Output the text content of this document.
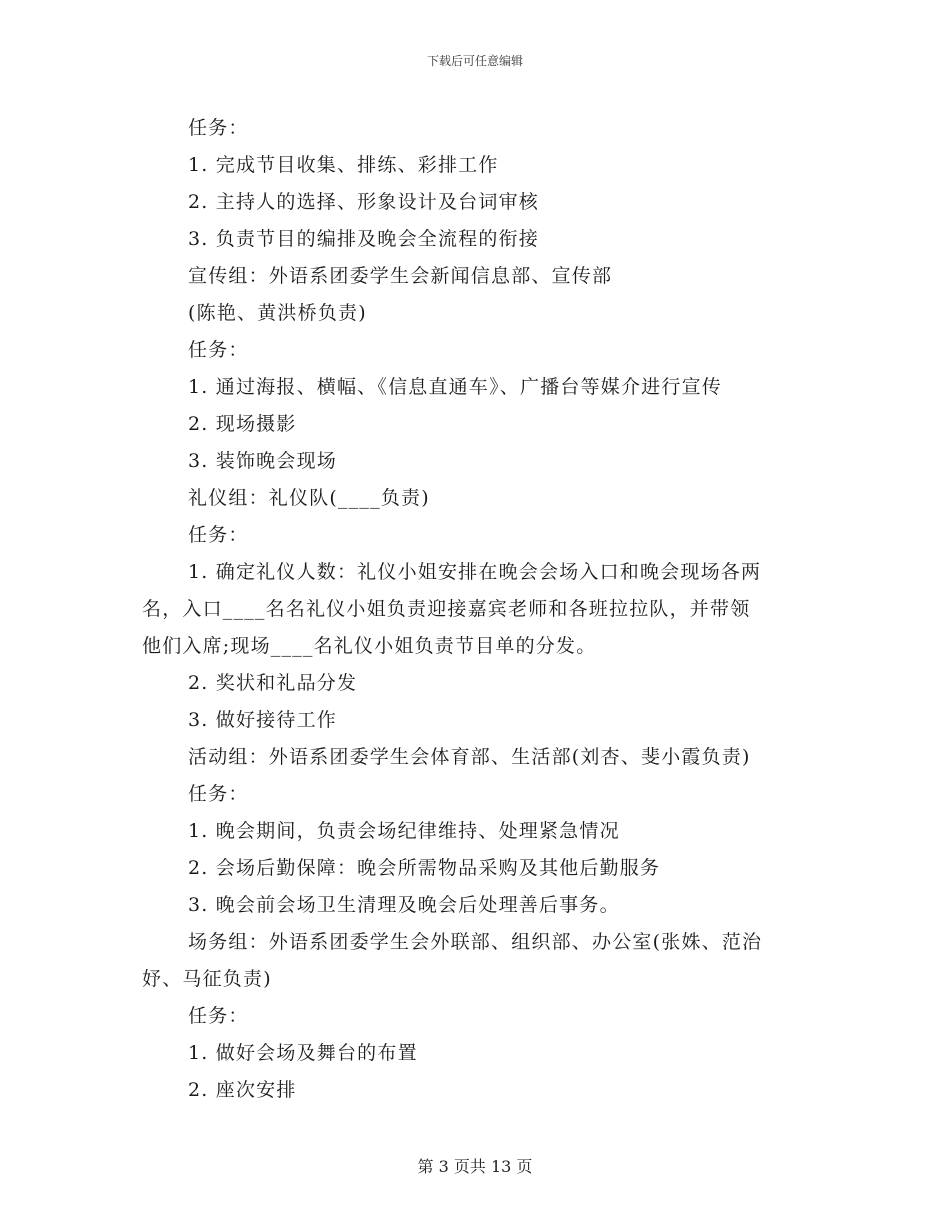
下载后可任意编辑

任务：

1. 完成节目收集、排练、彩排工作

2. 主持人的选择、形象设计及台词审核

3. 负责节目的编排及晚会全流程的衔接

宣传组：外语系团委学生会新闻信息部、宣传部

(陈艳、黄洪桥负责)

任务：

1. 通过海报、横幅、《信息直通车》、广播台等媒介进行宣传

2. 现场摄影

3. 装饰晚会现场

礼仪组：礼仪队(____负责)

任务：

1. 确定礼仪人数：礼仪小姐安排在晚会会场入口和晚会现场各两

名，入口____名名礼仪小姐负责迎接嘉宾老师和各班拉拉队，并带领

他们入席;现场____名礼仪小姐负责节目单的分发。

2. 奖状和礼品分发

3. 做好接待工作

活动组：外语系团委学生会体育部、生活部(刘杏、斐小霞负责)

任务：

1. 晚会期间，负责会场纪律维持、处理紧急情况

2. 会场后勤保障：晚会所需物品采购及其他后勤服务

3. 晚会前会场卫生清理及晚会后处理善后事务。

场务组：外语系团委学生会外联部、组织部、办公室(张姝、范治

妤、马征负责)

任务：

1. 做好会场及舞台的布置

2. 座次安排

第 3 页共 13 页
